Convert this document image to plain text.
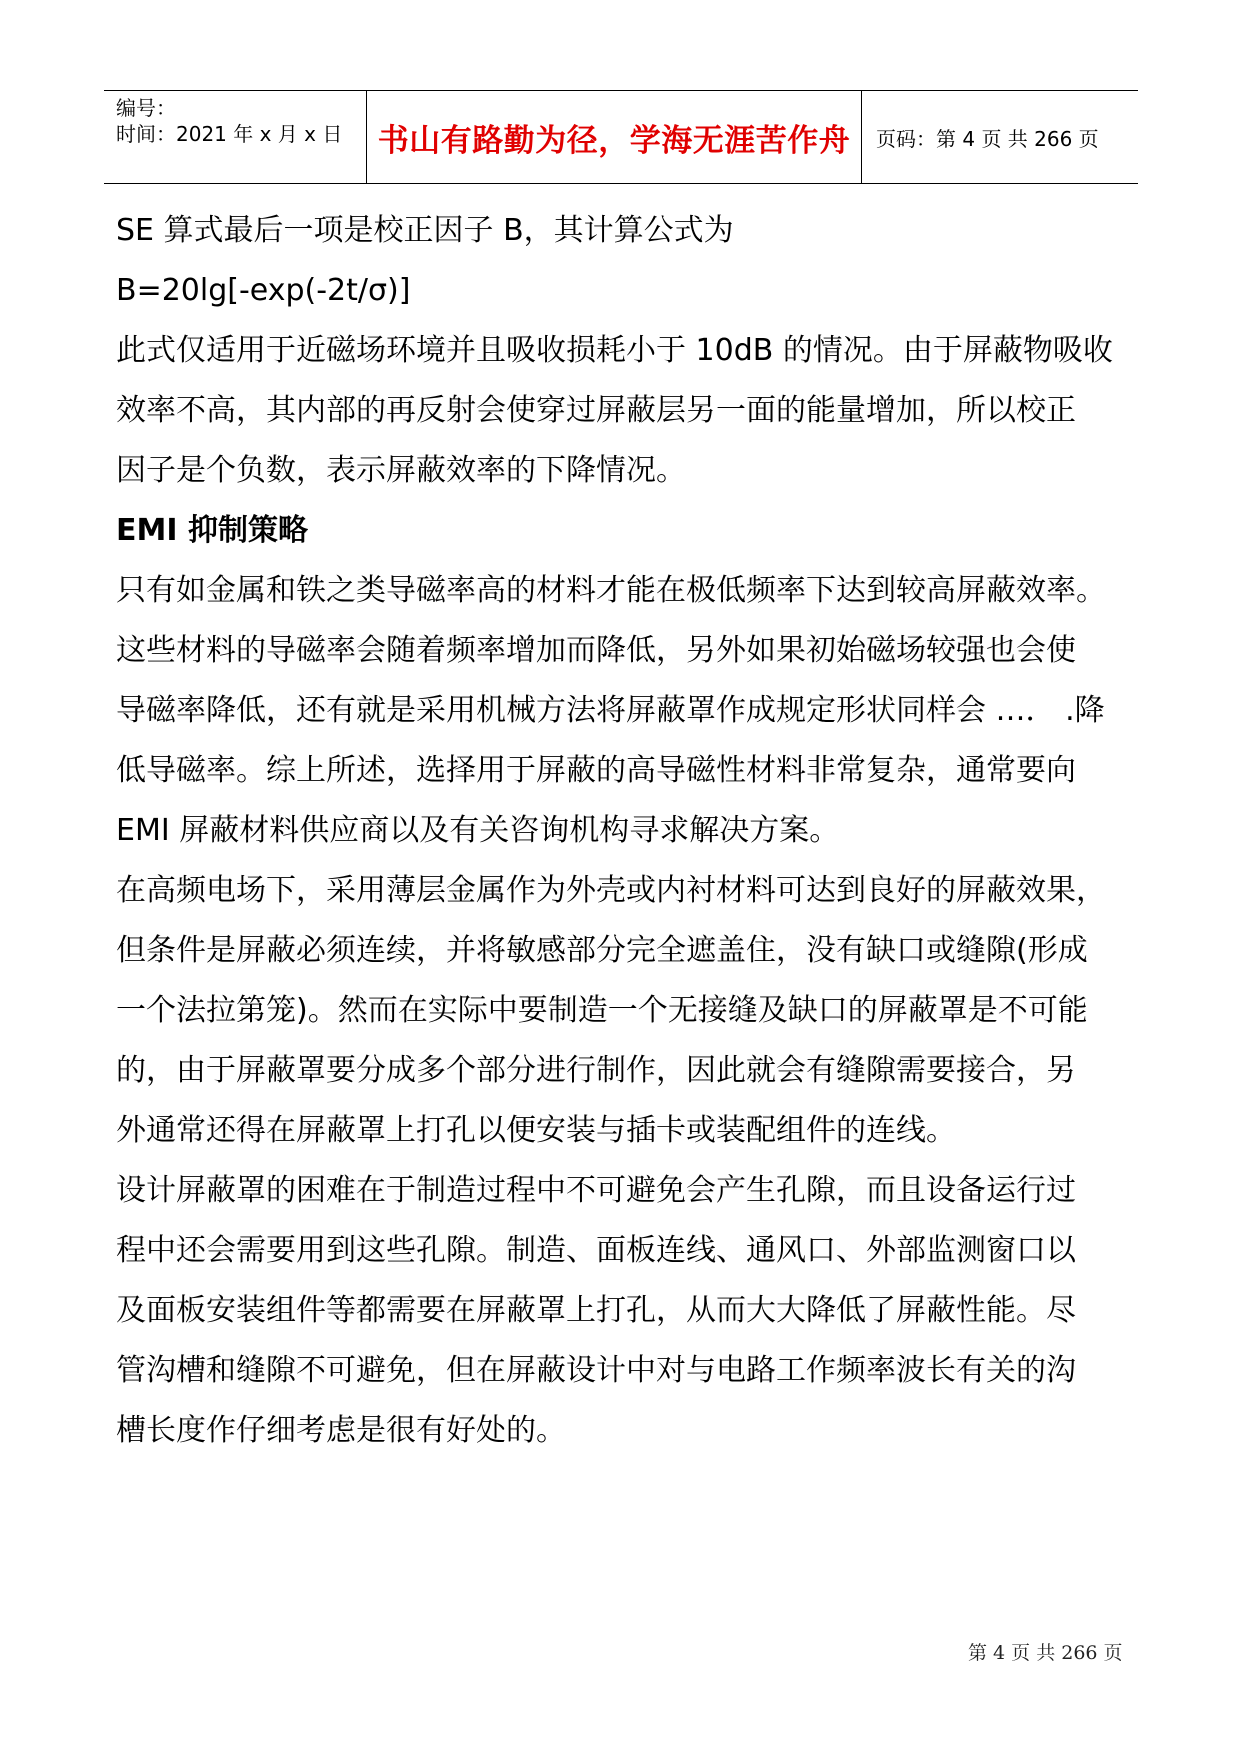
编号：
时间：2021 年 x 月 x 日 书山有路勤为径，学海无涯苦作舟 页码：第 4 页 共 266 页
SE 算式最后一项是校正因子 B，其计算公式为
B=20lg[-exp(-2t/σ)]
此式仅适用于近磁场环境并且吸收损耗小于 10dB 的情况。由于屏蔽物吸收
效率不高，其内部的再反射会使穿过屏蔽层另一面的能量增加，所以校正
因子是个负数，表示屏蔽效率的下降情况。
EMI 抑制策略
只有如金属和铁之类导磁率高的材料才能在极低频率下达到较高屏蔽效率。
这些材料的导磁率会随着频率增加而降低，另外如果初始磁场较强也会使
导磁率降低，还有就是采用机械方法将屏蔽罩作成规定形状同样会 …． .降
低导磁率。综上所述，选择用于屏蔽的高导磁性材料非常复杂，通常要向
EMI 屏蔽材料供应商以及有关咨询机构寻求解决方案。
在高频电场下，采用薄层金属作为外壳或内衬材料可达到良好的屏蔽效果，
但条件是屏蔽必须连续，并将敏感部分完全遮盖住，没有缺口或缝隙(形成
一个法拉第笼)。然而在实际中要制造一个无接缝及缺口的屏蔽罩是不可能
的，由于屏蔽罩要分成多个部分进行制作，因此就会有缝隙需要接合，另
外通常还得在屏蔽罩上打孔以便安装与插卡或装配组件的连线。
设计屏蔽罩的困难在于制造过程中不可避免会产生孔隙，而且设备运行过
程中还会需要用到这些孔隙。制造、面板连线、通风口、外部监测窗口以
及面板安装组件等都需要在屏蔽罩上打孔，从而大大降低了屏蔽性能。尽
管沟槽和缝隙不可避免，但在屏蔽设计中对与电路工作频率波长有关的沟
槽长度作仔细考虑是很有好处的。
第 4 页 共 266 页
